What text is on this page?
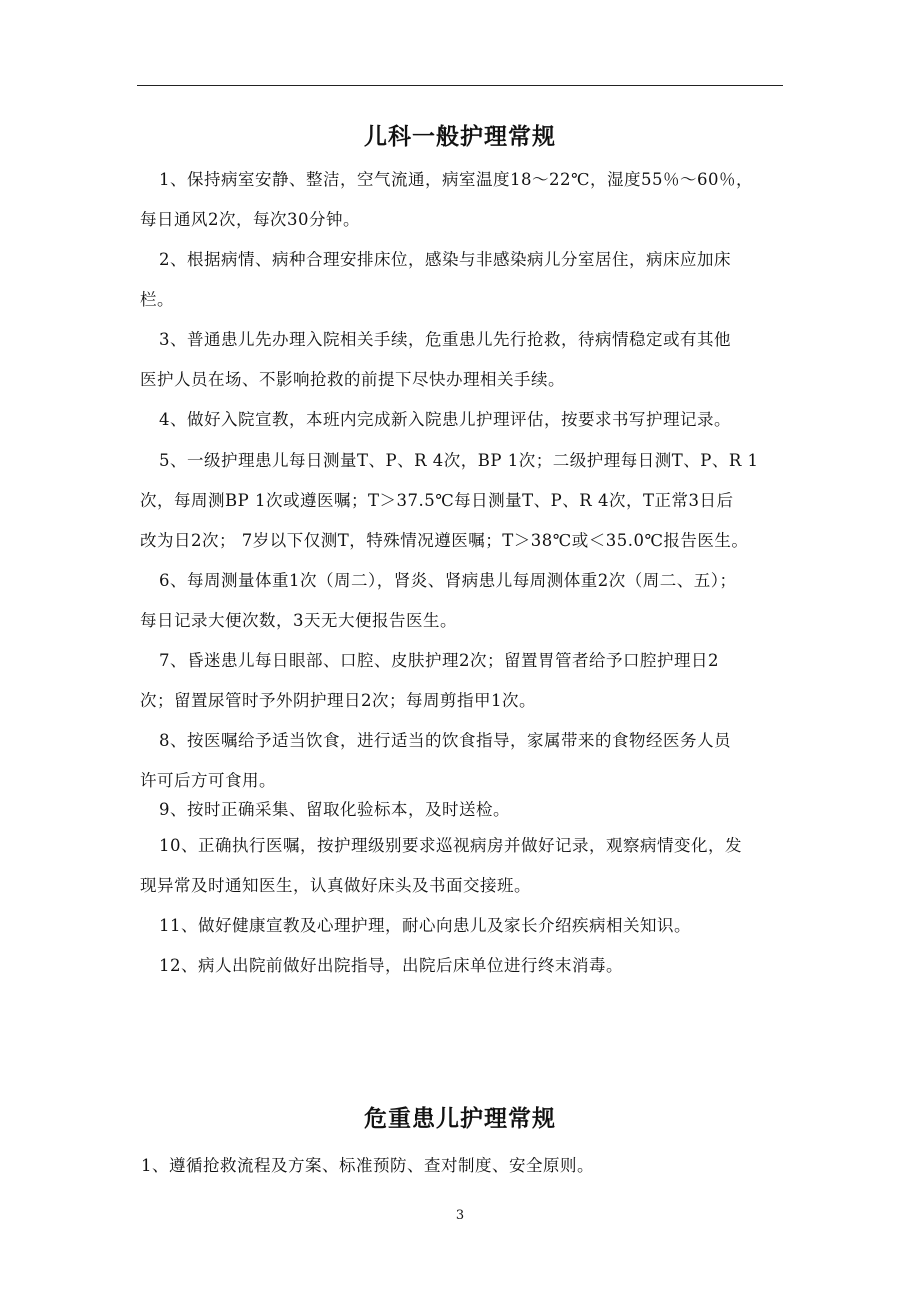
儿科一般护理常规
1、保持病室安静、整洁，空气流通，病室温度18～22℃，湿度55％～60％，
每日通风2次，每次30分钟。
2、根据病情、病种合理安排床位，感染与非感染病儿分室居住，病床应加床
栏。
3、普通患儿先办理入院相关手续，危重患儿先行抢救，待病情稳定或有其他
医护人员在场、不影响抢救的前提下尽快办理相关手续。
4、做好入院宣教，本班内完成新入院患儿护理评估，按要求书写护理记录。
5、一级护理患儿每日测量T、P、R 4次，BP 1次；二级护理每日测T、P、R 1
次，每周测BP 1次或遵医嘱；T＞37.5℃每日测量T、P、R 4次，T正常3日后
改为日2次； 7岁以下仅测T，特殊情况遵医嘱；T＞38℃或＜35.0℃报告医生。
6、每周测量体重1次（周二），肾炎、肾病患儿每周测体重2次（周二、五）；
每日记录大便次数，3天无大便报告医生。
7、昏迷患儿每日眼部、口腔、皮肤护理2次；留置胃管者给予口腔护理日2
次；留置尿管时予外阴护理日2次；每周剪指甲1次。
8、按医嘱给予适当饮食，进行适当的饮食指导，家属带来的食物经医务人员
许可后方可食用。
9、按时正确采集、留取化验标本，及时送检。
10、正确执行医嘱，按护理级别要求巡视病房并做好记录，观察病情变化，发
现异常及时通知医生，认真做好床头及书面交接班。
11、做好健康宣教及心理护理，耐心向患儿及家长介绍疾病相关知识。
12、病人出院前做好出院指导，出院后床单位进行终末消毒。
危重患儿护理常规
1、遵循抢救流程及方案、标准预防、查对制度、安全原则。
3
